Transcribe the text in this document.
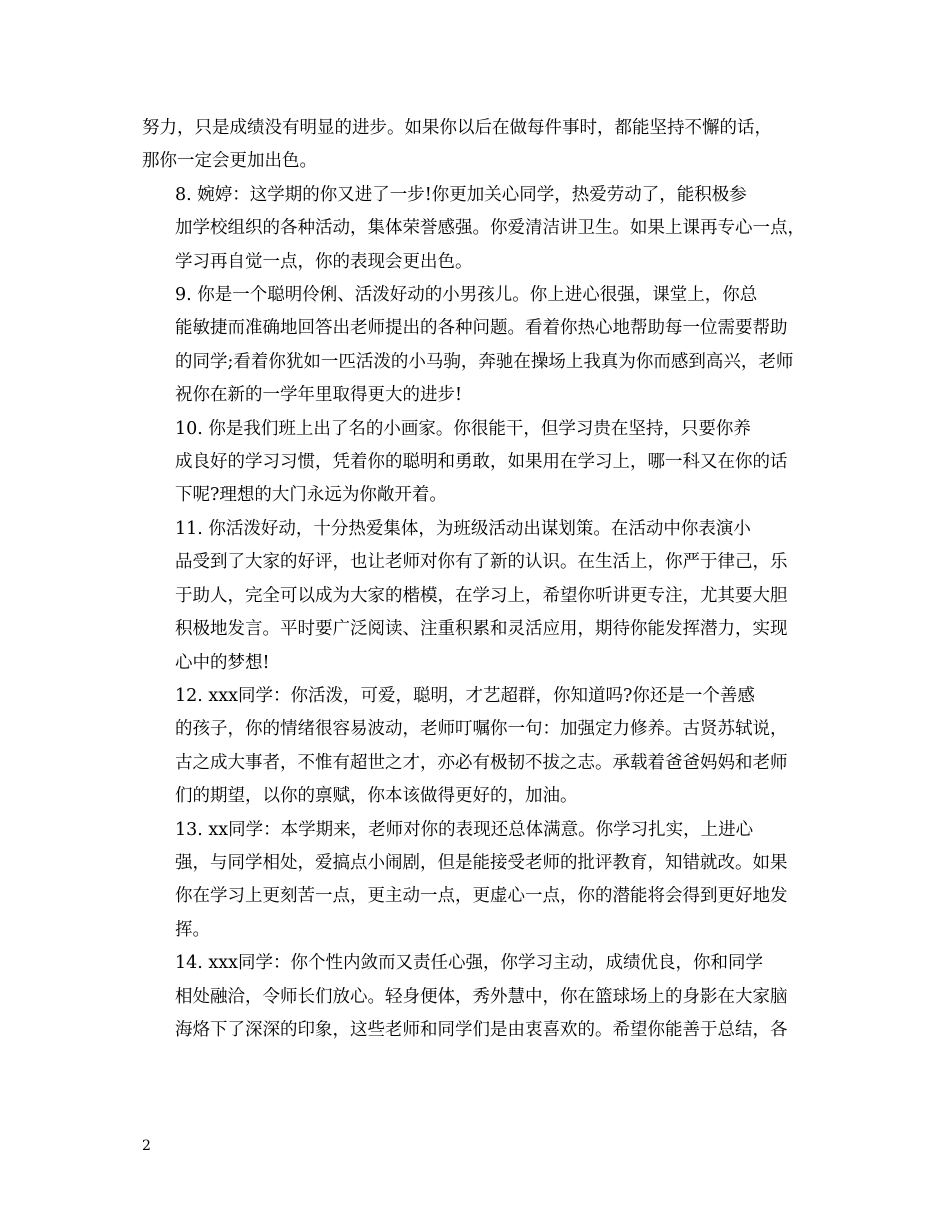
努力，只是成绩没有明显的进步。如果你以后在做每件事时，都能坚持不懈的话，
那你一定会更加出色。

8. 婉婷：这学期的你又进了一步!你更加关心同学，热爱劳动了，能积极参
加学校组织的各种活动，集体荣誉感强。你爱清洁讲卫生。如果上课再专心一点，
学习再自觉一点，你的表现会更出色。

9. 你是一个聪明伶俐、活泼好动的小男孩儿。你上进心很强，课堂上，你总
能敏捷而准确地回答出老师提出的各种问题。看着你热心地帮助每一位需要帮助
的同学;看着你犹如一匹活泼的小马驹，奔驰在操场上我真为你而感到高兴，老师
祝你在新的一学年里取得更大的进步!

10. 你是我们班上出了名的小画家。你很能干，但学习贵在坚持，只要你养
成良好的学习习惯，凭着你的聪明和勇敢，如果用在学习上，哪一科又在你的话
下呢?理想的大门永远为你敞开着。

11. 你活泼好动，十分热爱集体，为班级活动出谋划策。在活动中你表演小
品受到了大家的好评，也让老师对你有了新的认识。在生活上，你严于律己，乐
于助人，完全可以成为大家的楷模，在学习上，希望你听讲更专注，尤其要大胆
积极地发言。平时要广泛阅读、注重积累和灵活应用，期待你能发挥潜力，实现
心中的梦想!

12. xxx同学：你活泼，可爱，聪明，才艺超群，你知道吗?你还是一个善感
的孩子，你的情绪很容易波动，老师叮嘱你一句：加强定力修养。古贤苏轼说，
古之成大事者，不惟有超世之才，亦必有极韧不拔之志。承载着爸爸妈妈和老师
们的期望，以你的禀赋，你本该做得更好的，加油。

13. xx同学：本学期来，老师对你的表现还总体满意。你学习扎实，上进心
强，与同学相处，爱搞点小闹剧，但是能接受老师的批评教育，知错就改。如果
你在学习上更刻苦一点，更主动一点，更虚心一点，你的潜能将会得到更好地发
挥。

14. xxx同学：你个性内敛而又责任心强，你学习主动，成绩优良，你和同学
相处融洽，令师长们放心。轻身便体，秀外慧中，你在篮球场上的身影在大家脑
海烙下了深深的印象，这些老师和同学们是由衷喜欢的。希望你能善于总结，各

2
